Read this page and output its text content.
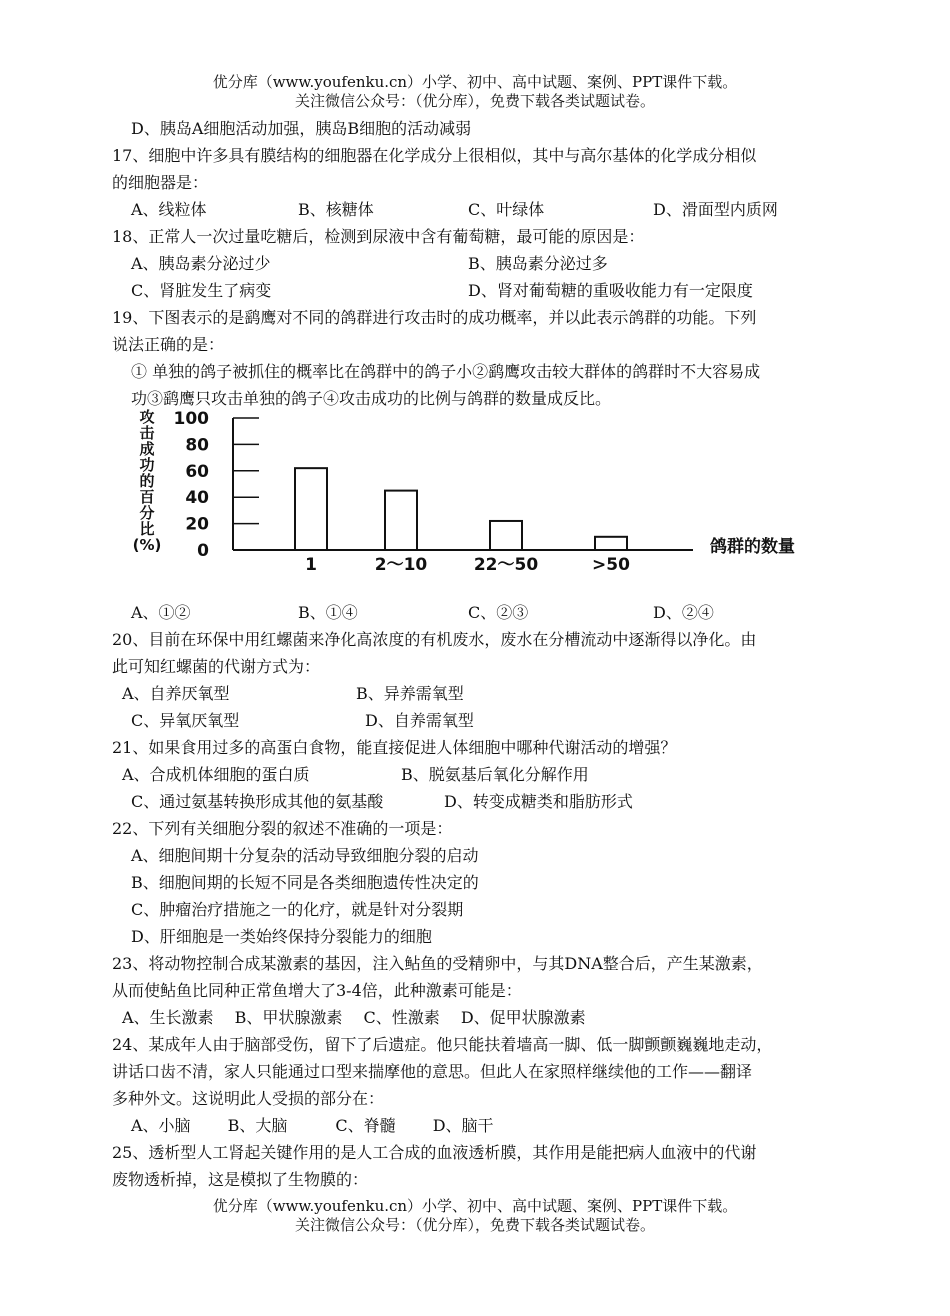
优分库（www.youfenku.cn）小学、初中、高中试题、案例、PPT课件下载。
关注微信公众号：（优分库），免费下载各类试题试卷。
D、胰岛A细胞活动加强，胰岛B细胞的活动减弱
17、细胞中许多具有膜结构的细胞器在化学成分上很相似，其中与高尔基体的化学成分相似
的细胞器是：
A、线粒体	B、核糖体	C、叶绿体	D、滑面型内质网
18、正常人一次过量吃糖后，检测到尿液中含有葡萄糖，最可能的原因是：
A、胰岛素分泌过少	B、胰岛素分泌过多
C、肾脏发生了病变	D、肾对葡萄糖的重吸收能力有一定限度
19、下图表示的是鹞鹰对不同的鸽群进行攻击时的成功概率，并以此表示鸽群的功能。下列
说法正确的是：
① 单独的鸽子被抓住的概率比在鸽群中的鸽子小②鹞鹰攻击较大群体的鸽群时不大容易成
功③鹞鹰只攻击单独的鸽子④攻击成功的比例与鸽群的数量成反比。
攻
击
成
功
的
百
分
比
(%) 0
20
40
60
80
100
1	2～10	22～50	>50
鸽群的数量
A、①②	B、①④	C、②③	D、②④
20、目前在环保中用红螺菌来净化高浓度的有机废水，废水在分槽流动中逐渐得以净化。由
此可知红螺菌的代谢方式为：
A、自养厌氧型	B、异养需氧型
C、异氧厌氧型	D、自养需氧型
21、如果食用过多的高蛋白食物，能直接促进人体细胞中哪种代谢活动的增强？
A、合成机体细胞的蛋白质	B、脱氨基后氧化分解作用
C、通过氨基转换形成其他的氨基酸	D、转变成糖类和脂肪形式
22、下列有关细胞分裂的叙述不准确的一项是：
A、细胞间期十分复杂的活动导致细胞分裂的启动
B、细胞间期的长短不同是各类细胞遗传性决定的
C、肿瘤治疗措施之一的化疗，就是针对分裂期
D、肝细胞是一类始终保持分裂能力的细胞
23、将动物控制合成某激素的基因，注入鲇鱼的受精卵中，与其DNA整合后，产生某激素，
从而使鲇鱼比同种正常鱼增大了3-4倍，此种激素可能是：
A、生长激素　 B、甲状腺激素　 C、性激素　 D、促甲状腺激素
24、某成年人由于脑部受伤，留下了后遗症。他只能扶着墙高一脚、低一脚颤颤巍巍地走动，
讲话口齿不清，家人只能通过口型来揣摩他的意思。但此人在家照样继续他的工作——翻译
多种外文。这说明此人受损的部分在：
A、小脑　　 B、大脑　　　C、脊髓　　 D、脑干
25、透析型人工肾起关键作用的是人工合成的血液透析膜，其作用是能把病人血液中的代谢
废物透析掉，这是模拟了生物膜的：
优分库（www.youfenku.cn）小学、初中、高中试题、案例、PPT课件下载。
关注微信公众号：（优分库），免费下载各类试题试卷。
